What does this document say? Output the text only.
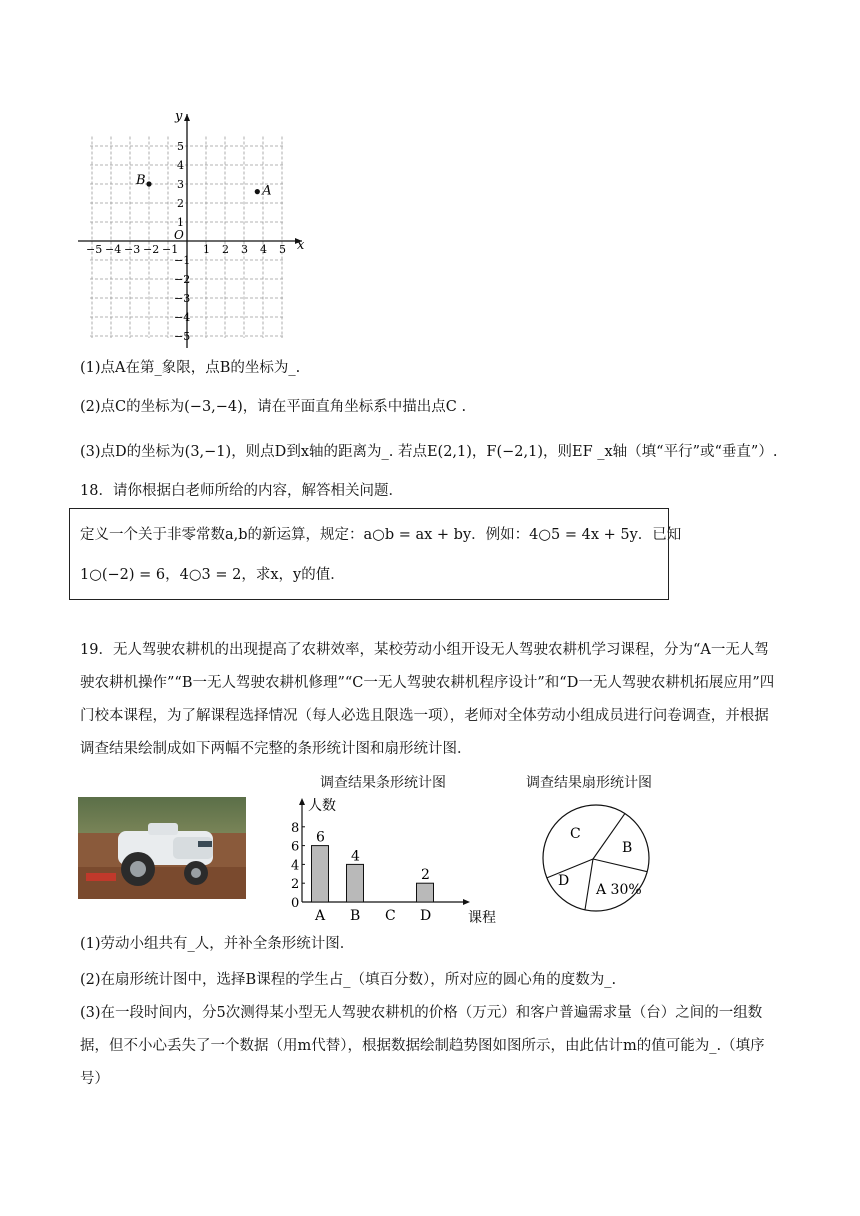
x
y
O
−5 −4 −3 −2 −1 1 2 3 4 5
5
4
3
2
1
−1
−2
−3
−4
−5
B
A
(1)点A在第_象限，点B的坐标为_.
(2)点C的坐标为(−3,−4)，请在平面直角坐标系中描出点C .
(3)点D的坐标为(3,−1)，则点D到x轴的距离为_. 若点E(2,1)，F(−2,1)，则EF _x轴（填“平行”或“垂直”）.
18．请你根据白老师所给的内容，解答相关问题．
定义一个关于非零常数a,b的新运算，规定：a○b = ax + by．例如：4○5 = 4x + 5y．已知
1○(−2) = 6，4○3 = 2，求x，y的值．
19．无人驾驶农耕机的出现提高了农耕效率，某校劳动小组开设无人驾驶农耕机学习课程，分为“A一无人驾驶农耕机操作”“B一无人驾驶农耕机修理”“C一无人驾驶农耕机程序设计”和“D一无人驾驶农耕机拓展应用”四门校本课程，为了解课程选择情况（每人必选且限选一项），老师对全体劳动小组成员进行问卷调查，并根据调查结果绘制成如下两幅不完整的条形统计图和扇形统计图．
调查结果条形统计图
人数
课程
0
2
4
6
8
6
4
2
A B C D
调查结果扇形统计图
C
B
A 30%
D
(1)劳动小组共有_人，并补全条形统计图．
(2)在扇形统计图中，选择B课程的学生占_（填百分数），所对应的圆心角的度数为_.
(3)在一段时间内，分5次测得某小型无人驾驶农耕机的价格（万元）和客户普遍需求量（台）之间的一组数据，但不小心丢失了一个数据（用m代替），根据数据绘制趋势图如图所示，由此估计m的值可能为_.（填序号）
